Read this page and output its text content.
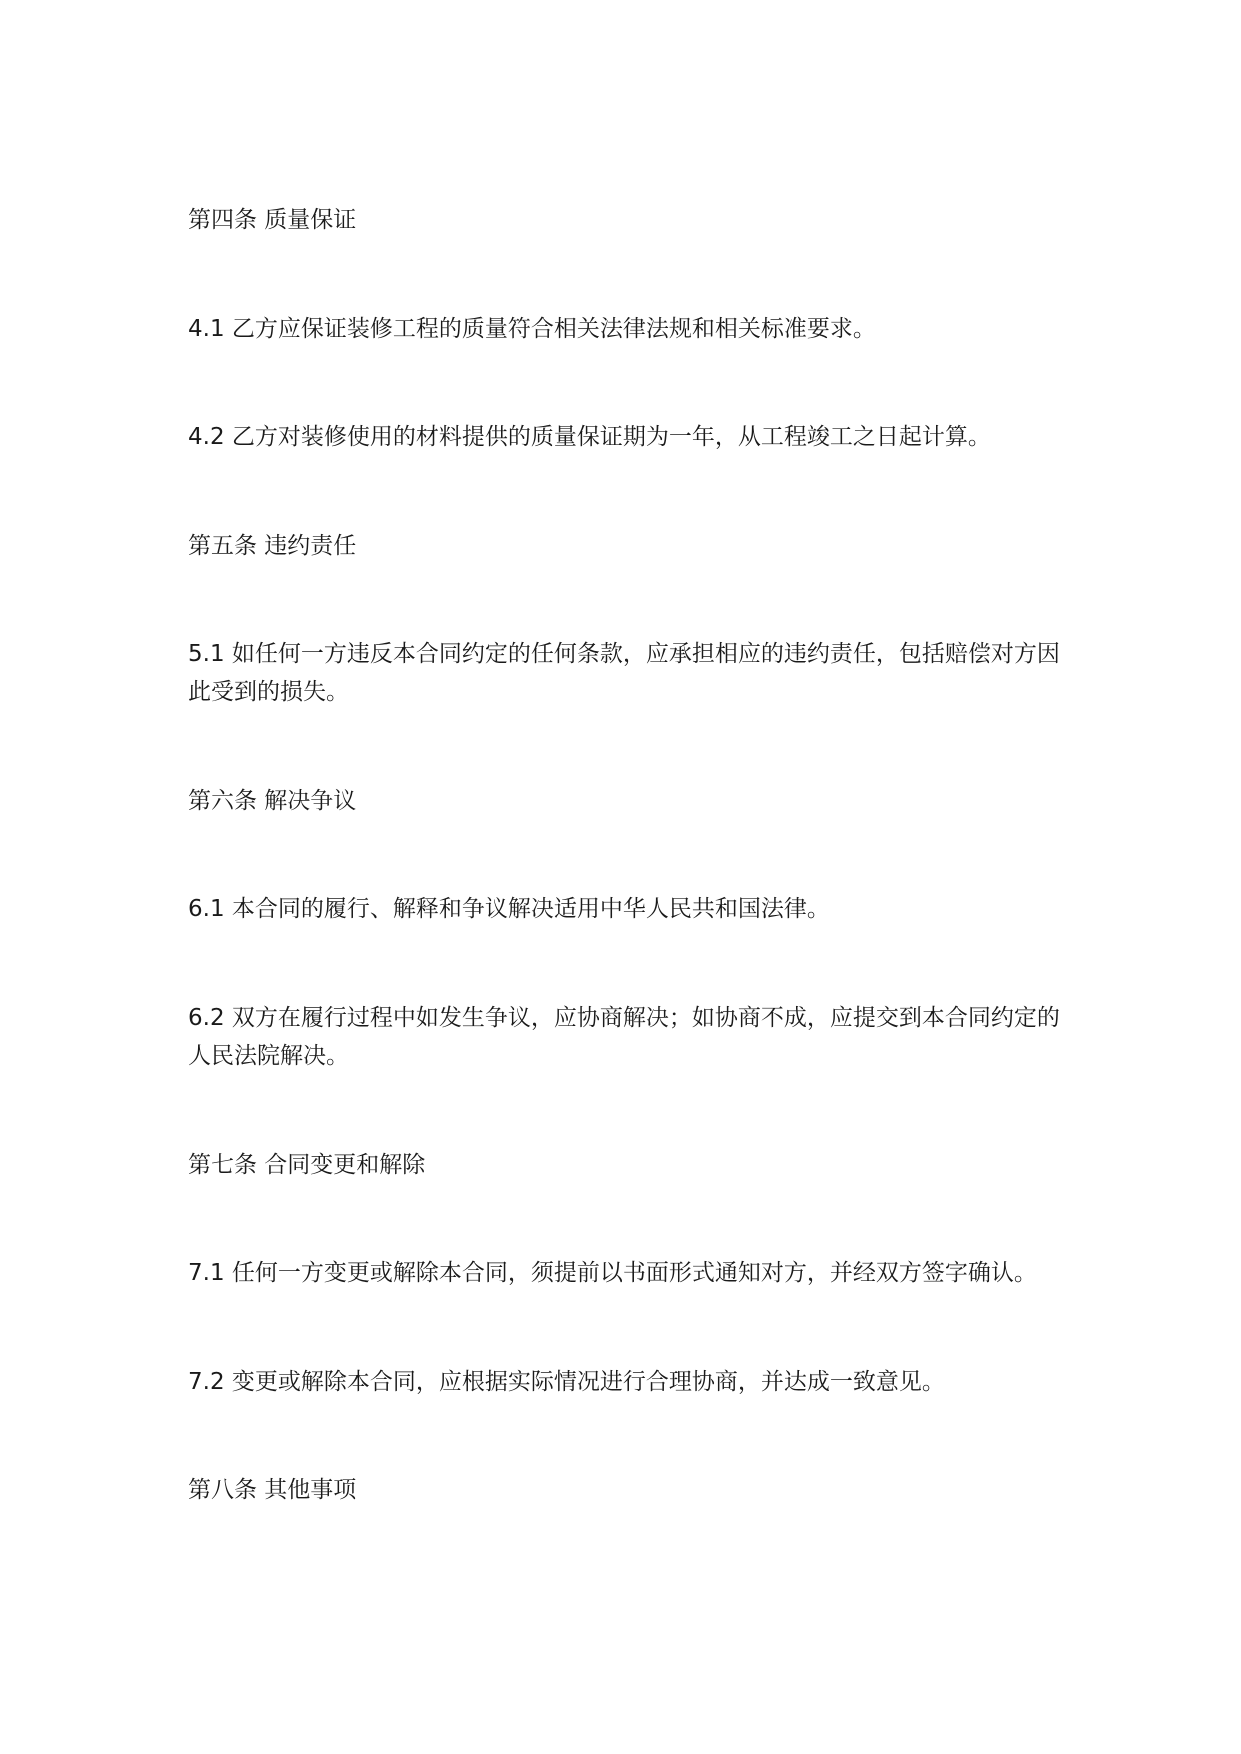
第四条 质量保证
4.1 乙方应保证装修工程的质量符合相关法律法规和相关标准要求。
4.2 乙方对装修使用的材料提供的质量保证期为一年，从工程竣工之日起计算。
第五条 违约责任
5.1 如任何一方违反本合同约定的任何条款，应承担相应的违约责任，包括赔偿对方因此受到的损失。
第六条 解决争议
6.1 本合同的履行、解释和争议解决适用中华人民共和国法律。
6.2 双方在履行过程中如发生争议，应协商解决；如协商不成，应提交到本合同约定的人民法院解决。
第七条 合同变更和解除
7.1 任何一方变更或解除本合同，须提前以书面形式通知对方，并经双方签字确认。
7.2 变更或解除本合同，应根据实际情况进行合理协商，并达成一致意见。
第八条 其他事项
